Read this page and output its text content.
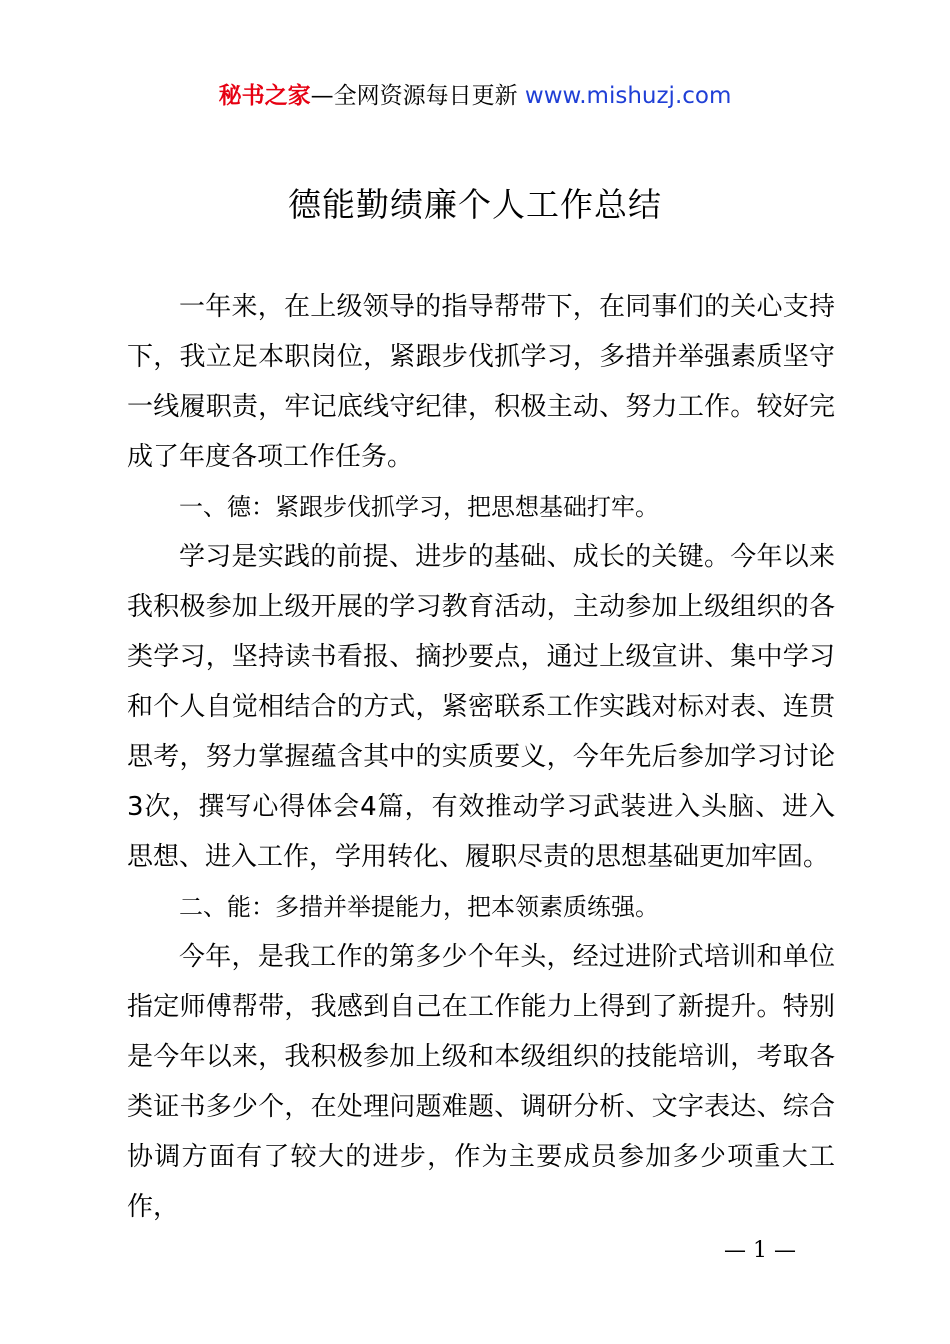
秘书之家—全网资源每日更新 www.mishuzj.com
德能勤绩廉个人工作总结

一年来，在上级领导的指导帮带下，在同事们的关心支持下，我立足本职岗位，紧跟步伐抓学习，多措并举强素质坚守一线履职责，牢记底线守纪律，积极主动、努力工作。较好完成了年度各项工作任务。

一、德：紧跟步伐抓学习，把思想基础打牢。

学习是实践的前提、进步的基础、成长的关键。今年以来我积极参加上级开展的学习教育活动，主动参加上级组织的各类学习，坚持读书看报、摘抄要点，通过上级宣讲、集中学习和个人自觉相结合的方式，紧密联系工作实践对标对表、连贯思考，努力掌握蕴含其中的实质要义，今年先后参加学习讨论3次，撰写心得体会4篇，有效推动学习武装进入头脑、进入思想、进入工作，学用转化、履职尽责的思想基础更加牢固。

二、能：多措并举提能力，把本领素质练强。

今年，是我工作的第多少个年头，经过进阶式培训和单位指定师傅帮带，我感到自己在工作能力上得到了新提升。特别是今年以来，我积极参加上级和本级组织的技能培训，考取各类证书多少个，在处理问题难题、调研分析、文字表达、综合协调方面有了较大的进步，作为主要成员参加多少项重大工作，

— 1 —
